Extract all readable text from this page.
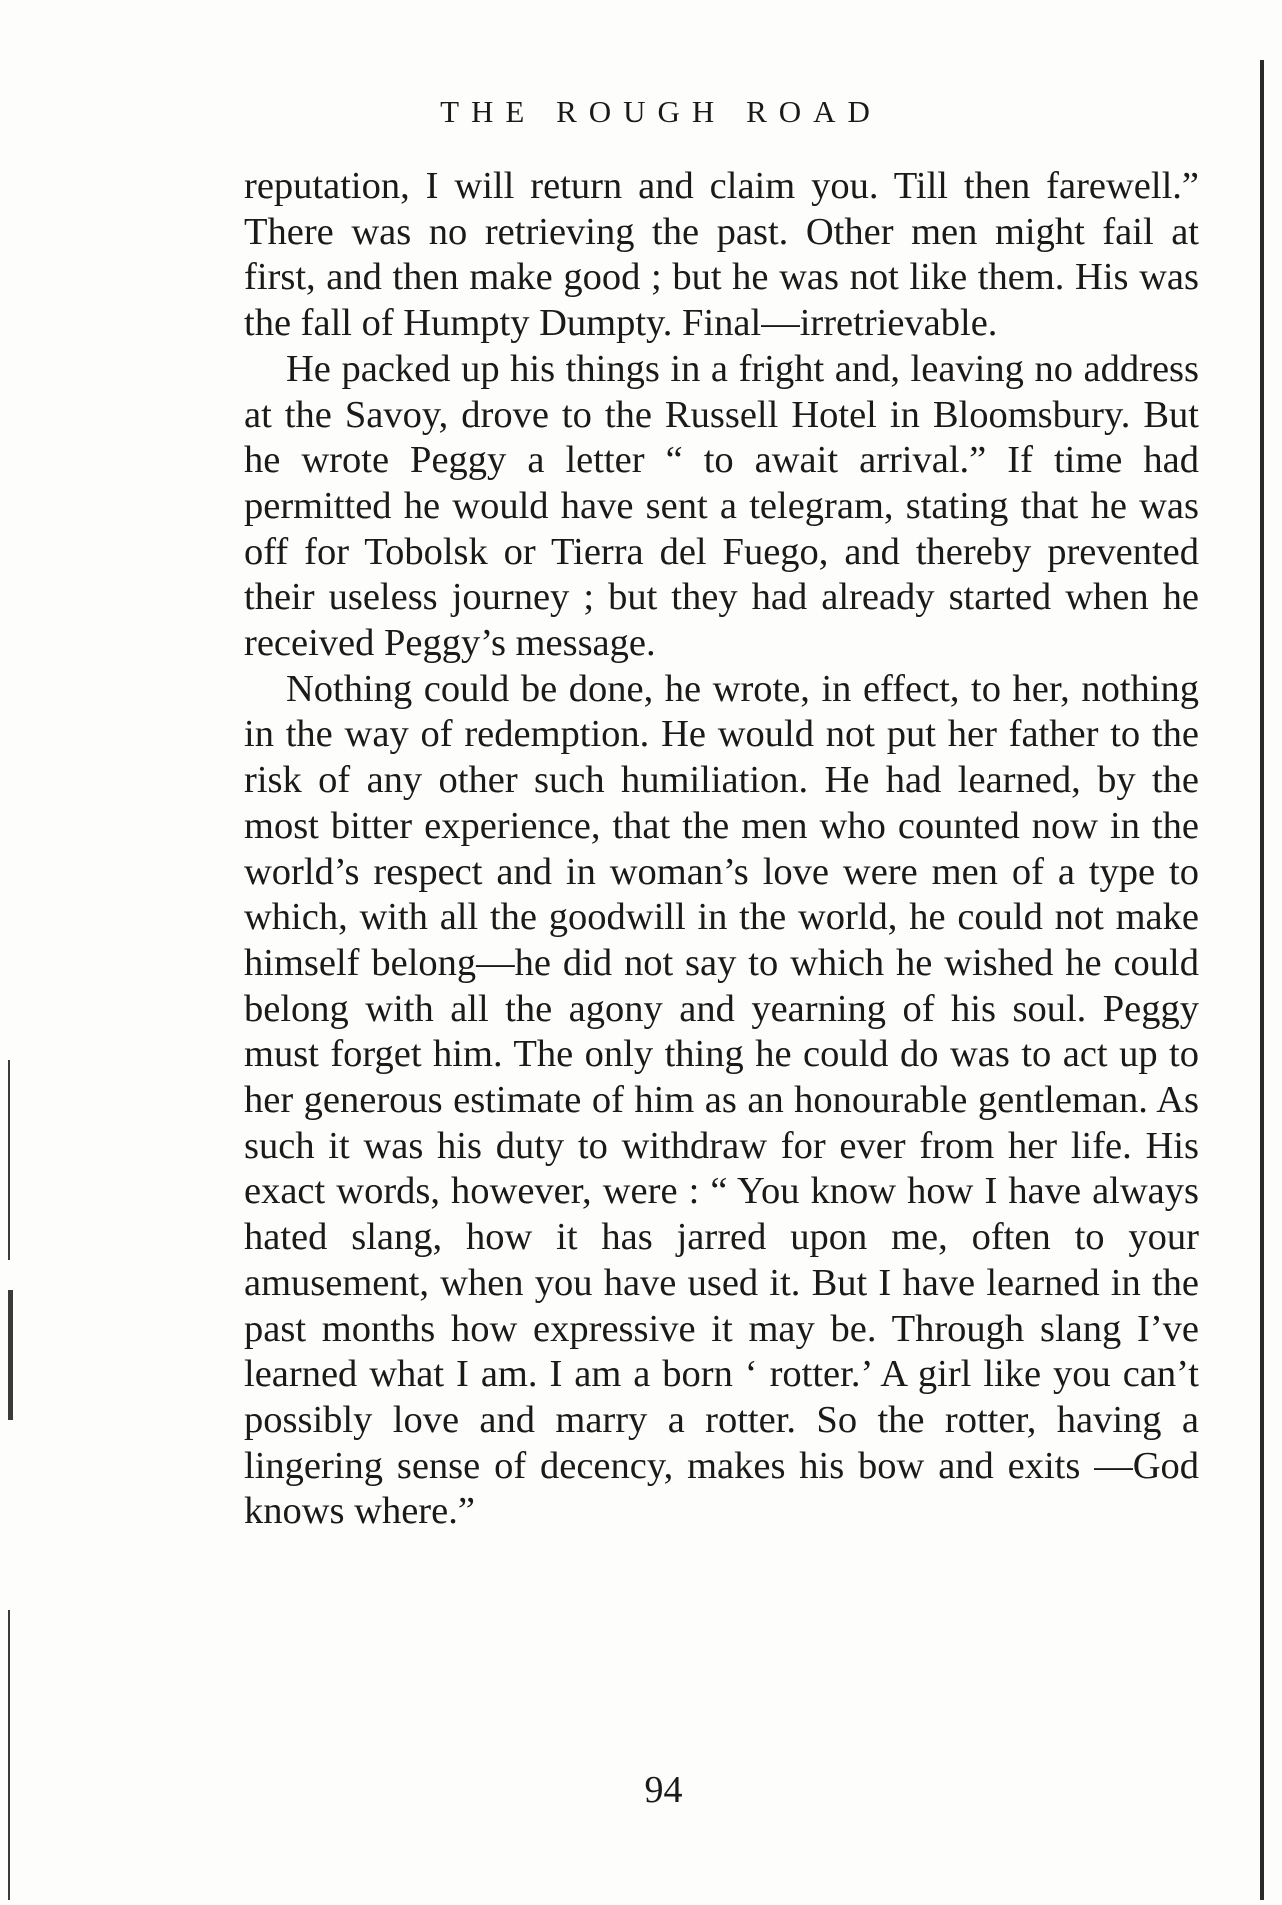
THE ROUGH ROAD

reputation, I will return and claim you. Till then farewell.” There was no retrieving the past. Other men might fail at first, and then make good ; but he was not like them. His was the fall of Humpty Dumpty. Final—irretrievable.

He packed up his things in a fright and, leaving no address at the Savoy, drove to the Russell Hotel in Bloomsbury. But he wrote Peggy a letter “ to await arrival.” If time had permitted he would have sent a telegram, stating that he was off for Tobolsk or Tierra del Fuego, and thereby prevented their useless journey ; but they had already started when he received Peggy’s message.

Nothing could be done, he wrote, in effect, to her, nothing in the way of redemption. He would not put her father to the risk of any other such humiliation. He had learned, by the most bitter experience, that the men who counted now in the world’s respect and in woman’s love were men of a type to which, with all the goodwill in the world, he could not make himself belong—he did not say to which he wished he could belong with all the agony and yearning of his soul. Peggy must forget him. The only thing he could do was to act up to her generous estimate of him as an honourable gentleman. As such it was his duty to withdraw for ever from her life. His exact words, however, were : “ You know how I have always hated slang, how it has jarred upon me, often to your amusement, when you have used it. But I have learned in the past months how expressive it may be. Through slang I’ve learned what I am. I am a born ‘ rotter.’ A girl like you can’t possibly love and marry a rotter. So the rotter, having a lingering sense of decency, makes his bow and exits —God knows where.”

94
